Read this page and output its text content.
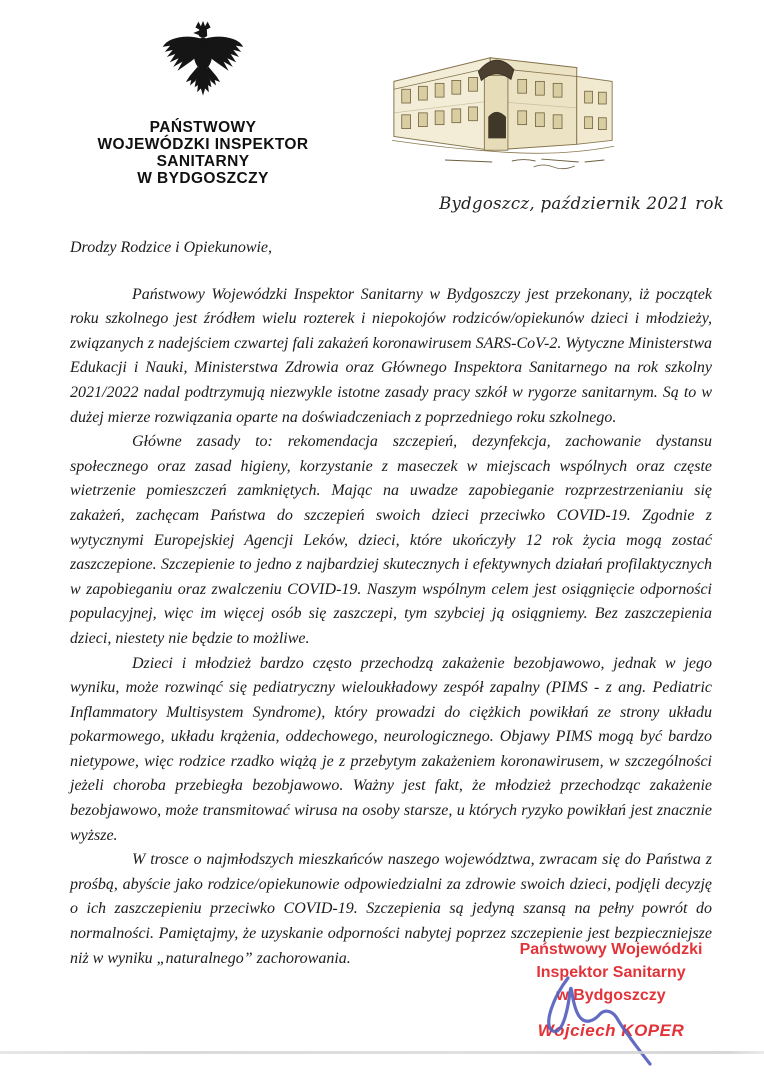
PAŃSTWOWY
WOJEWÓDZKI INSPEKTOR
SANITARNY
W BYDGOSZCZY
Bydgoszcz, październik 2021 rok
Drodzy Rodzice i Opiekunowie,

Państwowy Wojewódzki Inspektor Sanitarny w Bydgoszczy jest przekonany, iż początek roku szkolnego jest źródłem wielu rozterek i niepokojów rodziców/opiekunów dzieci i młodzieży, związanych z nadejściem czwartej fali zakażeń koronawirusem SARS-CoV-2. Wytyczne Ministerstwa Edukacji i Nauki, Ministerstwa Zdrowia oraz Głównego Inspektora Sanitarnego na rok szkolny 2021/2022 nadal podtrzymują niezwykle istotne zasady pracy szkół w rygorze sanitarnym. Są to w dużej mierze rozwiązania oparte na doświadczeniach z poprzedniego roku szkolnego.

Główne zasady to: rekomendacja szczepień, dezynfekcja, zachowanie dystansu społecznego oraz zasad higieny, korzystanie z maseczek w miejscach wspólnych oraz częste wietrzenie pomieszczeń zamkniętych. Mając na uwadze zapobieganie rozprzestrzenianiu się zakażeń, zachęcam Państwa do szczepień swoich dzieci przeciwko COVID-19. Zgodnie z wytycznymi Europejskiej Agencji Leków, dzieci, które ukończyły 12 rok życia mogą zostać zaszczepione. Szczepienie to jedno z najbardziej skutecznych i efektywnych działań profilaktycznych w zapobieganiu oraz zwalczeniu COVID-19. Naszym wspólnym celem jest osiągnięcie odporności populacyjnej, więc im więcej osób się zaszczepi, tym szybciej ją osiągniemy. Bez zaszczepienia dzieci, niestety nie będzie to możliwe.

Dzieci i młodzież bardzo często przechodzą zakażenie bezobjawowo, jednak w jego wyniku, może rozwinąć się pediatryczny wieloukładowy zespół zapalny (PIMS - z ang. Pediatric Inflammatory Multisystem Syndrome), który prowadzi do ciężkich powikłań ze strony układu pokarmowego, układu krążenia, oddechowego, neurologicznego. Objawy PIMS mogą być bardzo nietypowe, więc rodzice rzadko wiążą je z przebytym zakażeniem koronawirusem, w szczególności jeżeli choroba przebiegła bezobjawowo. Ważny jest fakt, że młodzież przechodząc zakażenie bezobjawowo, może transmitować wirusa na osoby starsze, u których ryzyko powikłań jest znacznie wyższe.

W trosce o najmłodszych mieszkańców naszego województwa, zwracam się do Państwa z prośbą, abyście jako rodzice/opiekunowie odpowiedzialni za zdrowie swoich dzieci, podjęli decyzję o ich zaszczepieniu przeciwko COVID-19. Szczepienia są jedyną szansą na pełny powrót do normalności. Pamiętajmy, że uzyskanie odporności nabytej poprzez szczepienie jest bezpieczniejsze niż w wyniku „naturalnego” zachorowania.

Państwowy Wojewódzki
Inspektor Sanitarny
w Bydgoszczy
Wojciech KOPER
